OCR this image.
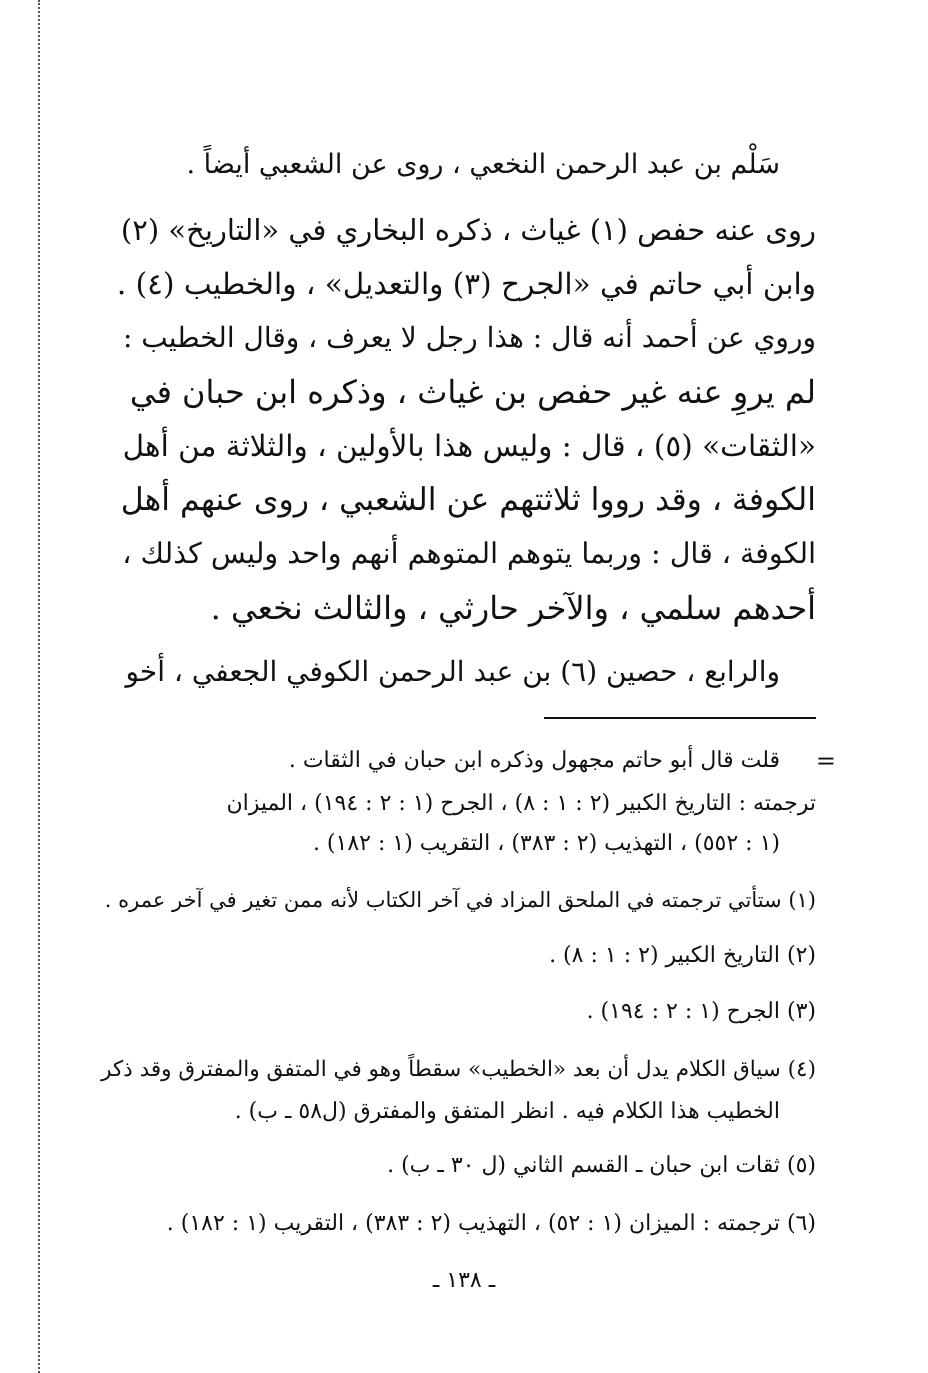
سَلْم بن عبد الرحمن النخعي ، روى عن الشعبي أيضاً .
روى عنه حفص (١) غياث ، ذكره البخاري في «التاريخ» (٢)
وابن أبي حاتم في «الجرح (٣) والتعديل» ، والخطيب (٤) .
وروي عن أحمد أنه قال : هذا رجل لا يعرف ، وقال الخطيب :
لم يروِ عنه غير حفص بن غياث ، وذكره ابن حبان في
«الثقات» (٥) ، قال : وليس هذا بالأولين ، والثلاثة من أهل
الكوفة ، وقد رووا ثلاثتهم عن الشعبي ، روى عنهم أهل
الكوفة ، قال : وربما يتوهم المتوهم أنهم واحد وليس كذلك ،
أحدهم سلمي ، والآخر حارثي ، والثالث نخعي .
والرابع ، حصين (٦) بن عبد الرحمن الكوفي الجعفي ، أخو
=
قلت قال أبو حاتم مجهول وذكره ابن حبان في الثقات .
ترجمته : التاريخ الكبير (٢ : ١ : ٨) ، الجرح (١ : ٢ : ١٩٤) ، الميزان
(١ : ٥٥٢) ، التهذيب (٢ : ٣٨٣) ، التقريب (١ : ١٨٢) .
(١) ستأتي ترجمته في الملحق المزاد في آخر الكتاب لأنه ممن تغير في آخر عمره .
(٢) التاريخ الكبير (٢ : ١ : ٨) .
(٣) الجرح (١ : ٢ : ١٩٤) .
(٤) سياق الكلام يدل أن بعد «الخطيب» سقطاً وهو في المتفق والمفترق وقد ذكر
الخطيب هذا الكلام فيه . انظر المتفق والمفترق (ل٥٨ ـ ب) .
(٥) ثقات ابن حبان ـ القسم الثاني (ل ٣٠ ـ ب) .
(٦) ترجمته : الميزان (١ : ٥٢) ، التهذيب (٢ : ٣٨٣) ، التقريب (١ : ١٨٢) .
ـ ١٣٨ ـ
